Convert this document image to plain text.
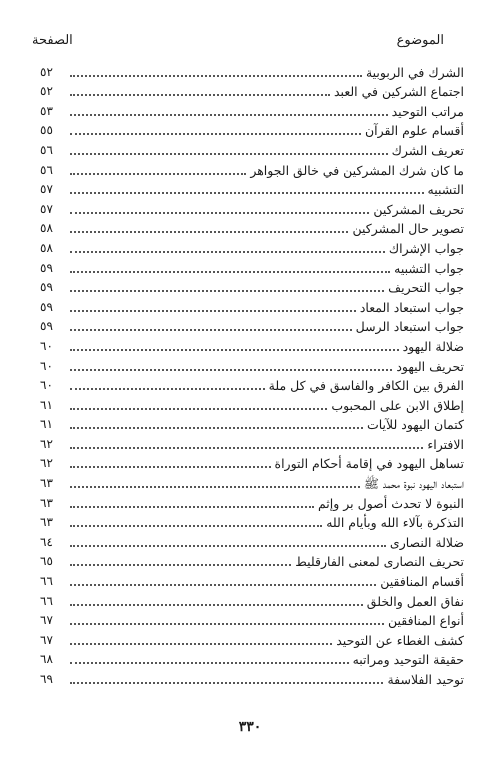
الموضوع
الصفحة
الشرك في الربوبية
٥٢
اجتماع الشركين في العبد
٥٢
مراتب التوحيد
٥٣
أقسام علوم القرآن
٥٥
تعريف الشرك
٥٦
ما كان شرك المشركين في خالق الجواهر
٥٦
التشبيه
٥٧
تحريف المشركين
٥٧
تصوير حال المشركين
٥٨
جواب الإشراك
٥٨
جواب التشبيه
٥٩
جواب التحريف
٥٩
جواب استبعاد المعاد
٥٩
جواب استبعاد الرسل
٥٩
ضلالة اليهود
٦٠
تحريف اليهود
٦٠
الفرق بين الكافر والفاسق في كل ملة
٦٠
إطلاق الابن على المحبوب
٦١
كتمان اليهود للآيات
٦١
الافتراء
٦٢
تساهل اليهود في إقامة أحكام التوراة
٦٢
استبعاد اليهود نبوة محمد ﷺ
٦٣
النبوة لا تحدث أصول بر وإثم
٦٣
التذكرة بآلاء الله وبأيام الله
٦٣
ضلالة النصارى
٦٤
تحريف النصارى لمعنى الفارقليط
٦٥
أقسام المنافقين
٦٦
نفاق العمل والخلق
٦٦
أنواع المنافقين
٦٧
كشف الغطاء عن التوحيد
٦٧
حقيقة التوحيد ومراتبه
٦٨
توحيد الفلاسفة
٦٩
٣٣٠
